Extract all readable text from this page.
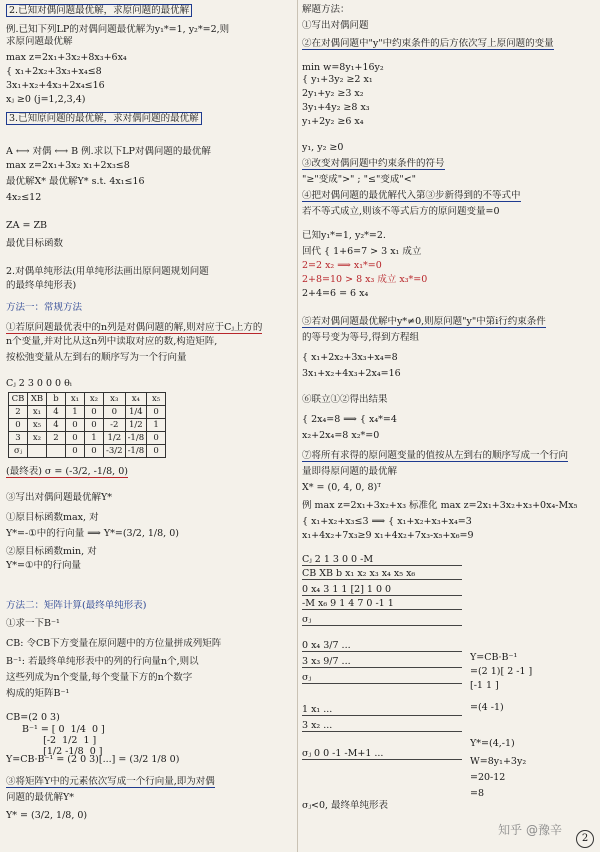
2.已知对偶问题最优解，求原问题的最优解
例.已知下列LP的对偶问题最优解为y₁*=1, y₂*=2,则
求原问题最优解
max z=2x₁+3x₂+8x₃+6x₄
{ x₁+2x₂+3x₃+x₄≤8
3x₁+x₂+4x₃+2x₄≤16
xⱼ ≥0 (j=1,2,3,4)
3.已知原问题的最优解，求对偶问题的最优解
A ⟷ 对偶 ⟷ B 例.求以下LP对偶问题的最优解
max z=2x₁+3x₂ x₁+2x₃≤8
最优解X* 最优解Y* s.t. 4x₁≤16
4x₂≤12
ZA = ZB
最优目标函数
2.对偶单纯形法(用单纯形法画出原问题规划问题
的最终单纯形表)
方法一：常规方法
①若原问题最优表中的n列是对偶问题的解,则对应于Cⱼ上方的
n个变量,并对比从这n列中读取对应的数,构造矩阵,
按松弛变量从左到右的顺序写为一个行向量
Cⱼ 2 3 0 0 0 θᵢ
(最终表) σ = (-3/2, -1/8, 0)
③写出对偶问题最优解Y*
①原目标函数max, 对
Y*=-①中的行向量 ⟹ Y*=(3/2, 1/8, 0)
②原目标函数min, 对
Y*=①中的行向量
方法二：矩阵计算(最终单纯形表)
①求一下B⁻¹
CB: 令CB下方变量在原问题中的方位量拼成列矩阵
B⁻¹: 若最终单纯形表中的列的行向量n个,则以
这些列成为n个变量,每个变量下方的n个数字
构成的矩阵B⁻¹
CB=(2 0 3)
Y=CB·B⁻¹ = (2 0 3)[...] = (3/2 1/8 0)
③将矩阵Y中的元素依次写成一个行向量,即为对偶
问题的最优解Y*
Y* = (3/2, 1/8, 0)
CB	XB	b	x₁	x₂	x₃	x₄	x₅
2	x₁	4	1	0	0	1/4	0
0	x₅	4	0	0	-2	1/2	1
3	x₂	2	0	1	1/2	-1/8	0
σⱼ			0	0	-3/2	-1/8	0
B⁻¹ = [ 0  1/4  0 ]
[-2  1/2  1 ]
[1/2 -1/8  0 ]
解题方法：
①写出对偶问题
②在对偶问题中"y"中约束条件的后方依次写上原问题的变量
min w=8y₁+16y₂
{ y₁+3y₂ ≥2 x₁
2y₁+y₂ ≥3 x₂
3y₁+4y₂ ≥8 x₃
y₁+2y₂ ≥6 x₄
y₁, y₂ ≥0
③改变对偶问题中约束条件的符号
"≥"变成">" ; "≤"变成"<"
④把对偶问题的最优解代入第③步新得到的不等式中
若不等式成立,则该不等式后方的原问题变量=0
已知y₁*=1, y₂*=2.
回代 { 1+6=7 > 3 x₁ 成立
2=2 x₂ ⟹ x₁*=0
2+8=10 > 8 x₃ 成立 x₃*=0
2+4=6 = 6 x₄
⑤若对偶问题最优解中y*≠0,则原问题"y"中第i行约束条件
的等号变为等号,得到方程组
{ x₁+2x₂+3x₃+x₄=8
3x₁+x₂+4x₃+2x₄=16
⑥联立①②得出结果
{ 2x₄=8 ⟹ { x₄*=4
x₂+2x₄=8 x₂*=0
⑦将所有求得的原问题变量的值按从左到右的顺序写成一个行向
量即得原问题的最优解
X* = (0, 4, 0, 8)ᵀ
例 max z=2x₁+3x₂+x₃ 标准化 max z=2x₁+3x₂+x₃+0x₄-Mx₅
{ x₁+x₂+x₃≤3 ⟹ { x₁+x₂+x₃+x₄=3
x₁+4x₂+7x₃≥9 x₁+4x₂+7x₃-x₅+x₆=9
Cⱼ 2 1 3 0 0 -M
CB XB b x₁ x₂ x₃ x₄ x₅ x₆
0 x₄ 3 1 1 [2] 1 0 0
-M x₆ 9 1 4 7 0 -1 1
σⱼ
0 x₄ 3/7 ...
3 x₃ 9/7 ...
σⱼ
1 x₁ ...
3 x₂ ...
σⱼ 0 0 -1 -M+1 ...
σⱼ<0, 最终单纯形表
Y=CB·B⁻¹
=(2 1)[ 2 -1 ]
[-1 1 ]
=(4 -1)
Y*=(4,-1)
W=8y₁+3y₂
=20-12
=8
知乎 @豫辛
2
